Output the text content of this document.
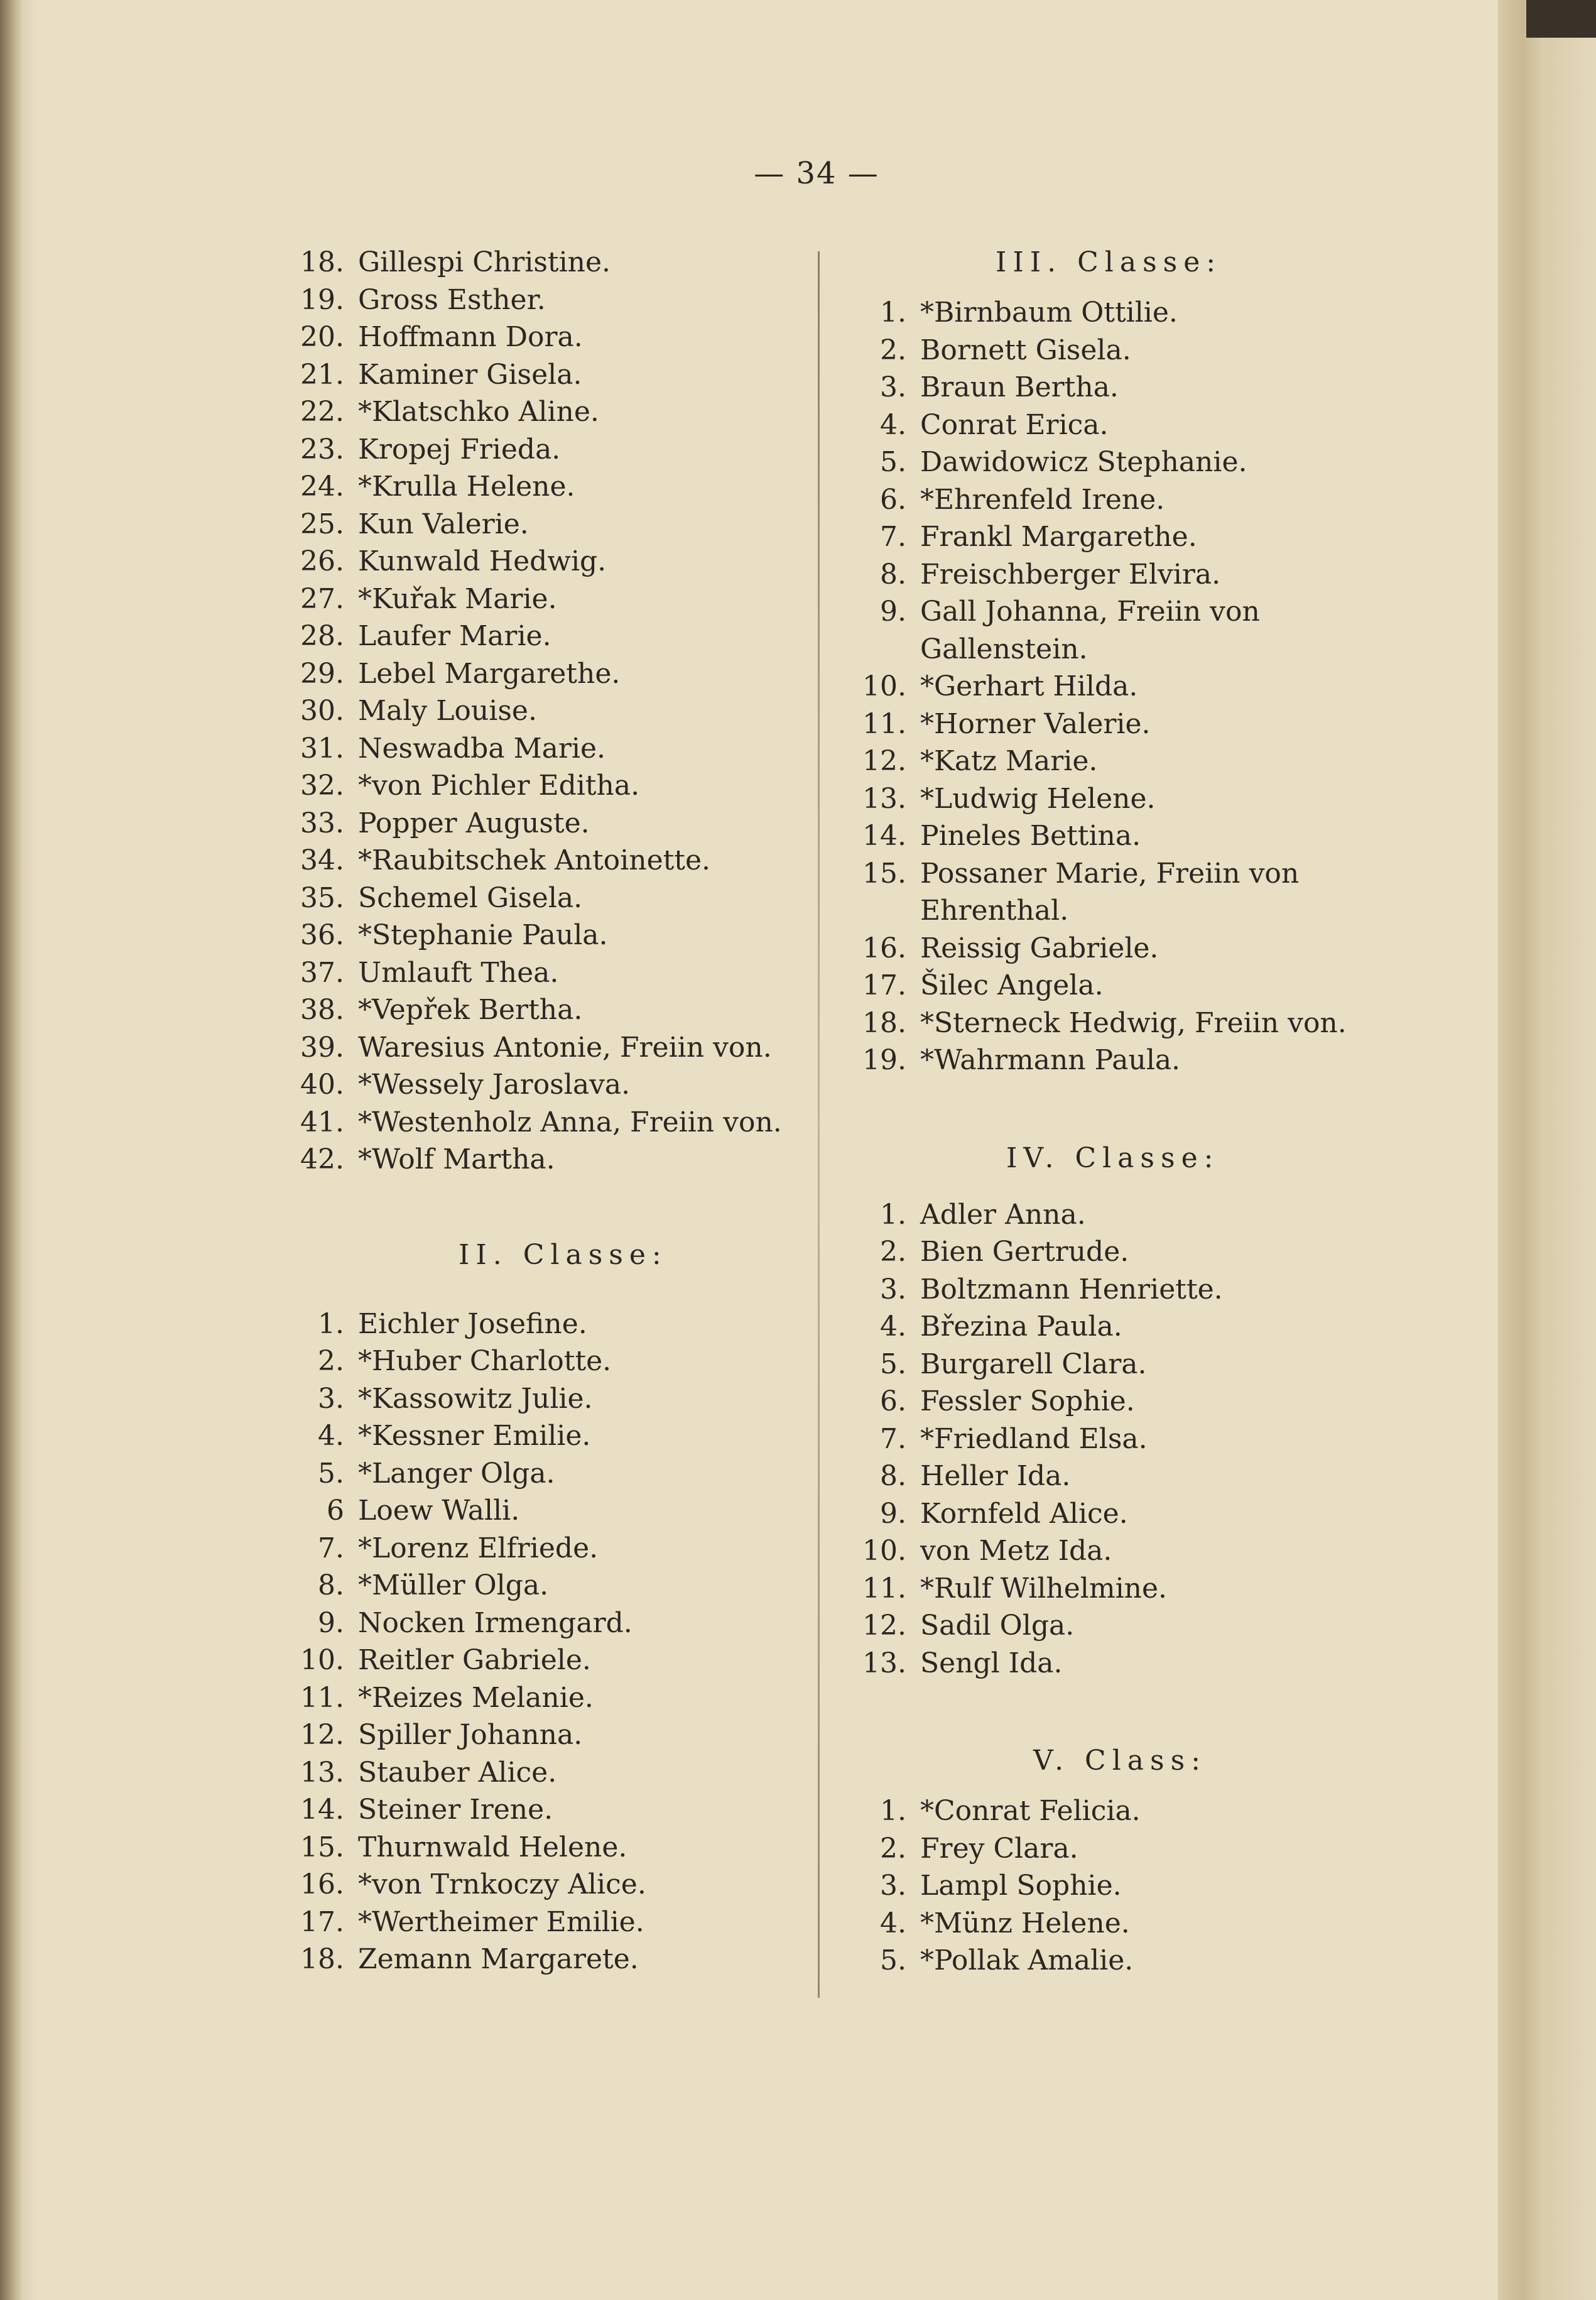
— 34 —
18. Gillespi Christine.
19. Gross Esther.
20. Hoffmann Dora.
21. Kaminer Gisela.
22. *Klatschko Aline.
23. Kropej Frieda.
24. *Krulla Helene.
25. Kun Valerie.
26. Kunwald Hedwig.
27. *Kuřak Marie.
28. Laufer Marie.
29. Lebel Margarethe.
30. Maly Louise.
31. Neswadba Marie.
32. *von Pichler Editha.
33. Popper Auguste.
34. *Raubitschek Antoinette.
35. Schemel Gisela.
36. *Stephanie Paula.
37. Umlauft Thea.
38. *Vepřek Bertha.
39. Waresius Antonie, Freiin von.
40. *Wessely Jaroslava.
41. *Westenholz Anna, Freiin von.
42. *Wolf Martha.
II. Classe:
1. Eichler Josefine.
2. *Huber Charlotte.
3. *Kassowitz Julie.
4. *Kessner Emilie.
5. *Langer Olga.
6 Loew Walli.
7. *Lorenz Elfriede.
8. *Müller Olga.
9. Nocken Irmengard.
10. Reitler Gabriele.
11. *Reizes Melanie.
12. Spiller Johanna.
13. Stauber Alice.
14. Steiner Irene.
15. Thurnwald Helene.
16. *von Trnkoczy Alice.
17. *Wertheimer Emilie.
18. Zemann Margarete.
III. Classe:
1. *Birnbaum Ottilie.
2. Bornett Gisela.
3. Braun Bertha.
4. Conrat Erica.
5. Dawidowicz Stephanie.
6. *Ehrenfeld Irene.
7. Frankl Margarethe.
8. Freischberger Elvira.
9. Gall Johanna, Freiin von Gallenstein.
10. *Gerhart Hilda.
11. *Horner Valerie.
12. *Katz Marie.
13. *Ludwig Helene.
14. Pineles Bettina.
15. Possaner Marie, Freiin von Ehrenthal.
16. Reissig Gabriele.
17. Šilec Angela.
18. *Sterneck Hedwig, Freiin von.
19. *Wahrmann Paula.
IV. Classe:
1. Adler Anna.
2. Bien Gertrude.
3. Boltzmann Henriette.
4. Březina Paula.
5. Burgarell Clara.
6. Fessler Sophie.
7. *Friedland Elsa.
8. Heller Ida.
9. Kornfeld Alice.
10. von Metz Ida.
11. *Rulf Wilhelmine.
12. Sadil Olga.
13. Sengl Ida.
V. Class:
1. *Conrat Felicia.
2. Frey Clara.
3. Lampl Sophie.
4. *Münz Helene.
5. *Pollak Amalie.
